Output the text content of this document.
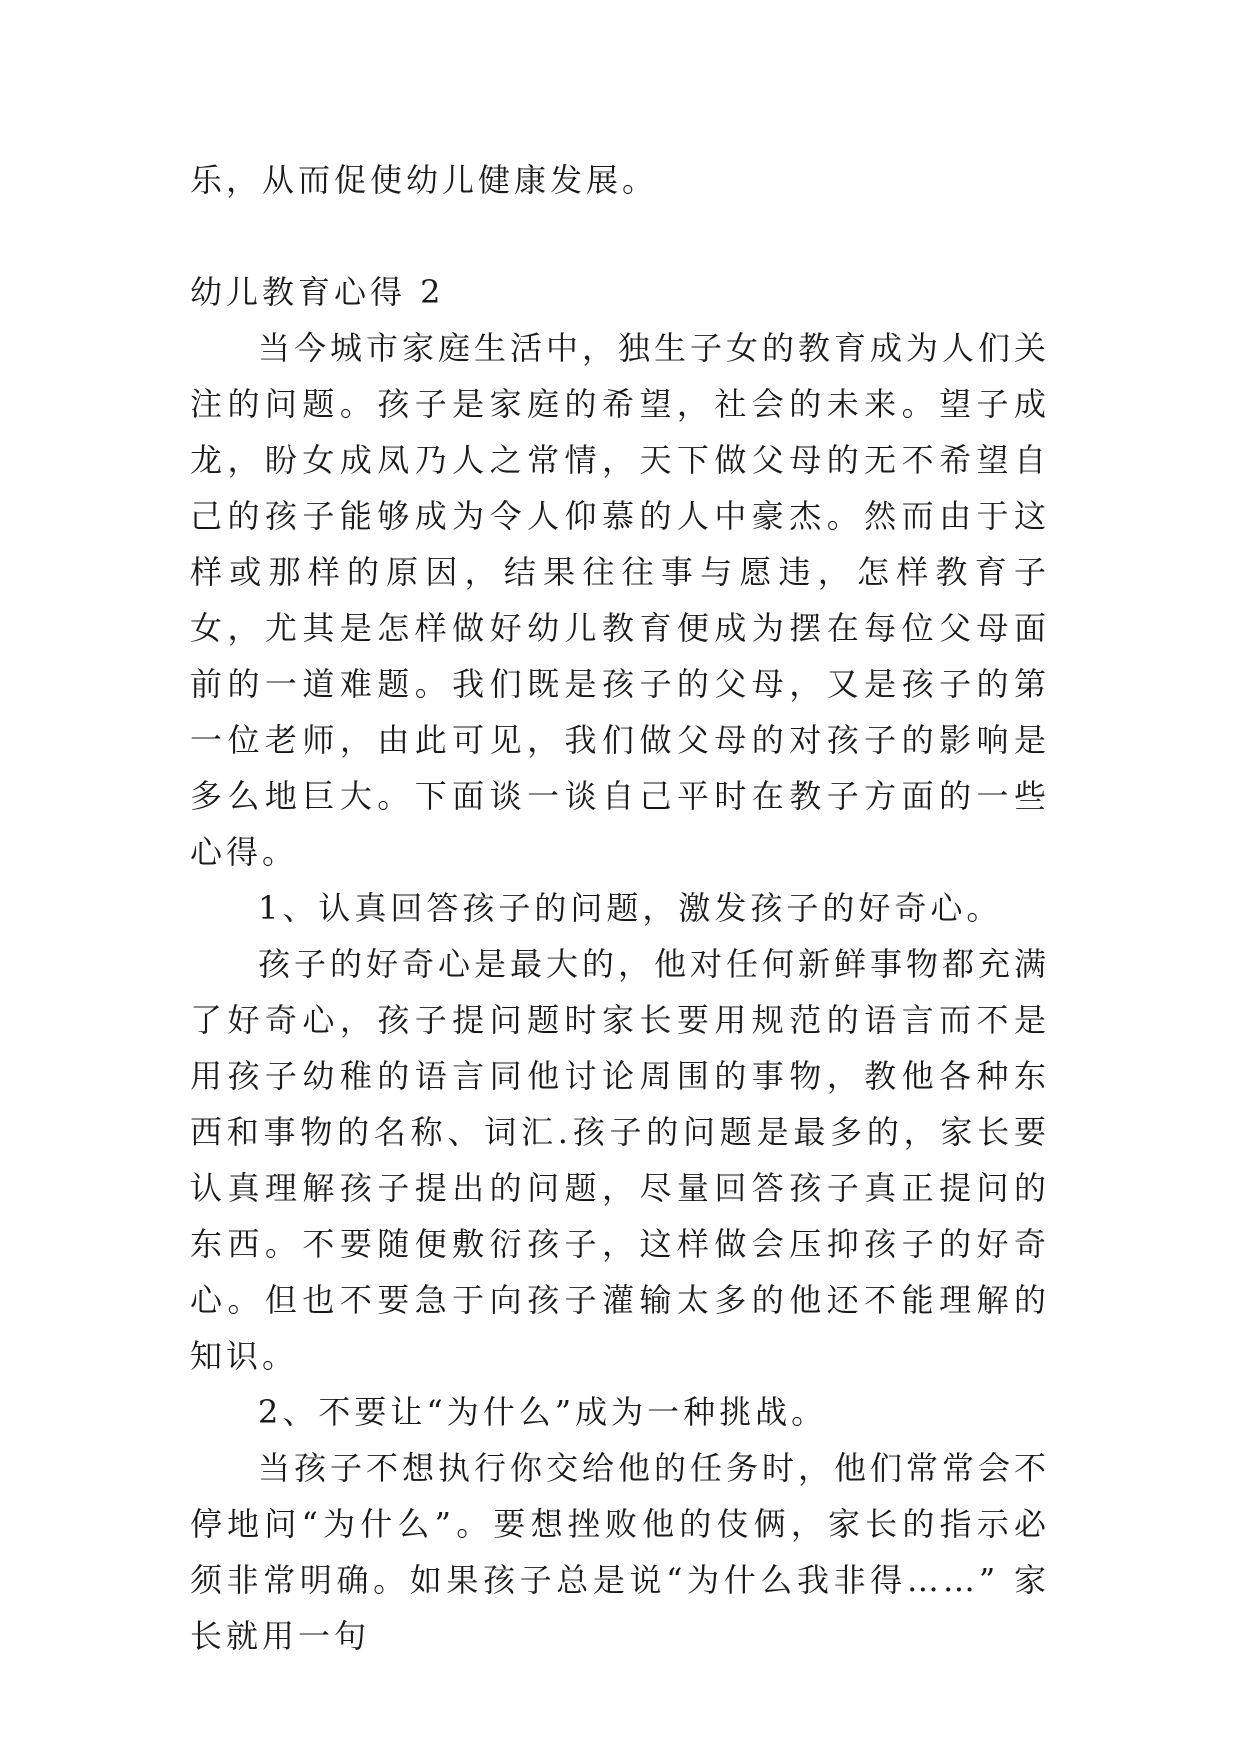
乐，从而促使幼儿健康发展。

幼儿教育心得 2

当今城市家庭生活中，独生子女的教育成为人们关注的问题。孩子是家庭的希望，社会的未来。望子成龙，盼女成凤乃人之常情，天下做父母的无不希望自己的孩子能够成为令人仰慕的人中豪杰。然而由于这样或那样的原因，结果往往事与愿违，怎样教育子女，尤其是怎样做好幼儿教育便成为摆在每位父母面前的一道难题。我们既是孩子的父母，又是孩子的第一位老师，由此可见，我们做父母的对孩子的影响是多么地巨大。下面谈一谈自己平时在教子方面的一些心得。

1、认真回答孩子的问题，激发孩子的好奇心。

孩子的好奇心是最大的，他对任何新鲜事物都充满了好奇心，孩子提问题时家长要用规范的语言而不是用孩子幼稚的语言同他讨论周围的事物，教他各种东西和事物的名称、词汇.孩子的问题是最多的，家长要认真理解孩子提出的问题，尽量回答孩子真正提问的东西。不要随便敷衍孩子，这样做会压抑孩子的好奇心。但也不要急于向孩子灌输太多的他还不能理解的知识。

2、不要让“为什么”成为一种挑战。

当孩子不想执行你交给他的任务时，他们常常会不停地问“为什么”。要想挫败他的伎俩，家长的指示必须非常明确。如果孩子总是说“为什么我非得……” 家长就用一句
